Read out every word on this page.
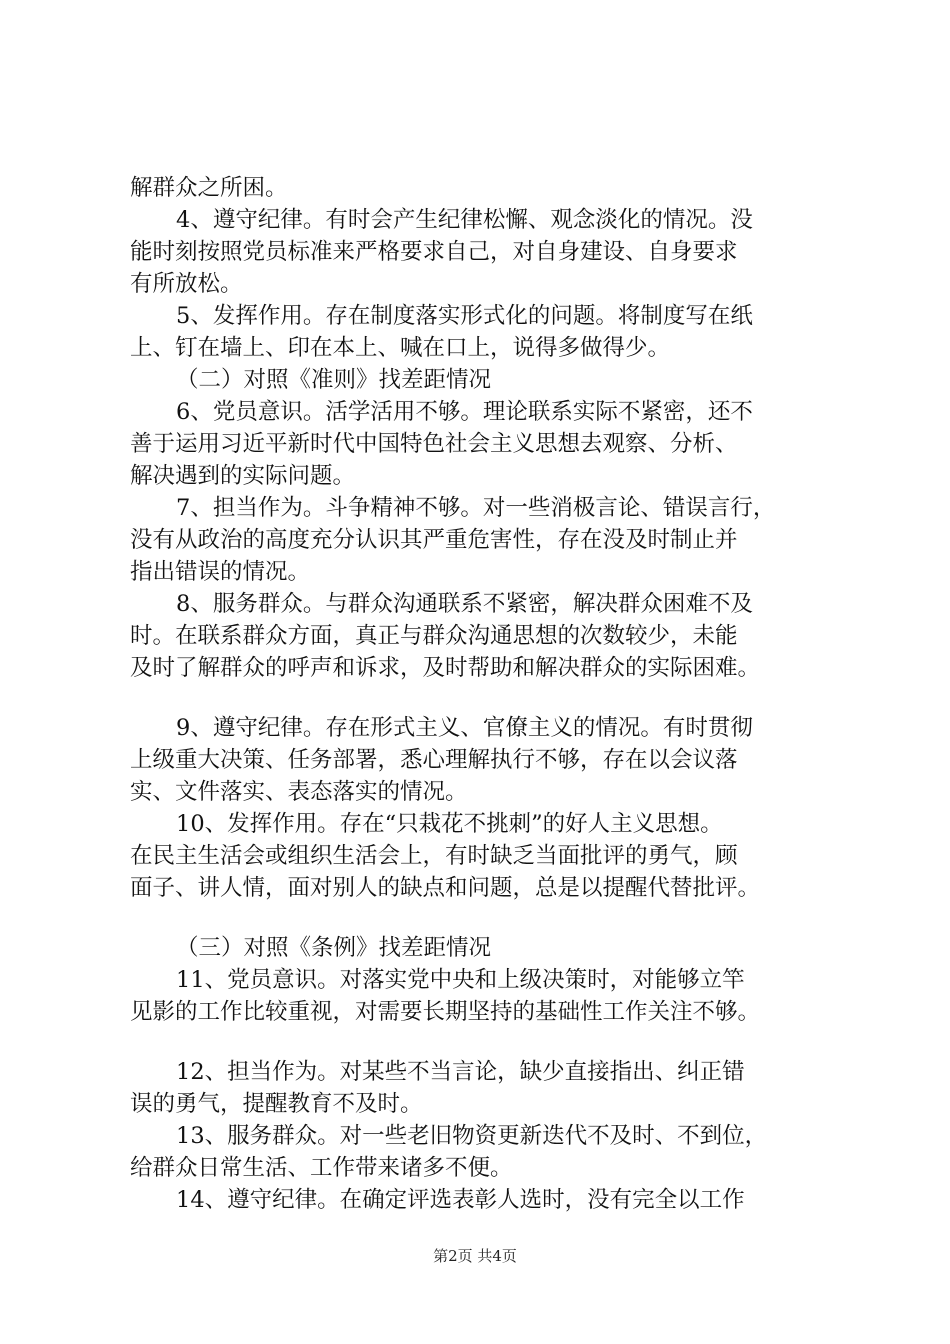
解群众之所困。
4、遵守纪律。有时会产生纪律松懈、观念淡化的情况。没
能时刻按照党员标准来严格要求自己，对自身建设、自身要求
有所放松。
5、发挥作用。存在制度落实形式化的问题。将制度写在纸
上、钉在墙上、印在本上、喊在口上，说得多做得少。
（二）对照《准则》找差距情况
6、党员意识。活学活用不够。理论联系实际不紧密，还不
善于运用习近平新时代中国特色社会主义思想去观察、分析、
解决遇到的实际问题。
7、担当作为。斗争精神不够。对一些消极言论、错误言行，
没有从政治的高度充分认识其严重危害性，存在没及时制止并
指出错误的情况。
8、服务群众。与群众沟通联系不紧密，解决群众困难不及
时。在联系群众方面，真正与群众沟通思想的次数较少，未能
及时了解群众的呼声和诉求，及时帮助和解决群众的实际困难。
9、遵守纪律。存在形式主义、官僚主义的情况。有时贯彻
上级重大决策、任务部署，悉心理解执行不够，存在以会议落
实、文件落实、表态落实的情况。
10、发挥作用。存在“只栽花不挑刺”的好人主义思想。
在民主生活会或组织生活会上，有时缺乏当面批评的勇气，顾
面子、讲人情，面对别人的缺点和问题，总是以提醒代替批评。
（三）对照《条例》找差距情况
11、党员意识。对落实党中央和上级决策时，对能够立竿
见影的工作比较重视，对需要长期坚持的基础性工作关注不够。
12、担当作为。对某些不当言论，缺少直接指出、纠正错
误的勇气，提醒教育不及时。
13、服务群众。对一些老旧物资更新迭代不及时、不到位，
给群众日常生活、工作带来诸多不便。
14、遵守纪律。在确定评选表彰人选时，没有完全以工作
第2页 共4页
